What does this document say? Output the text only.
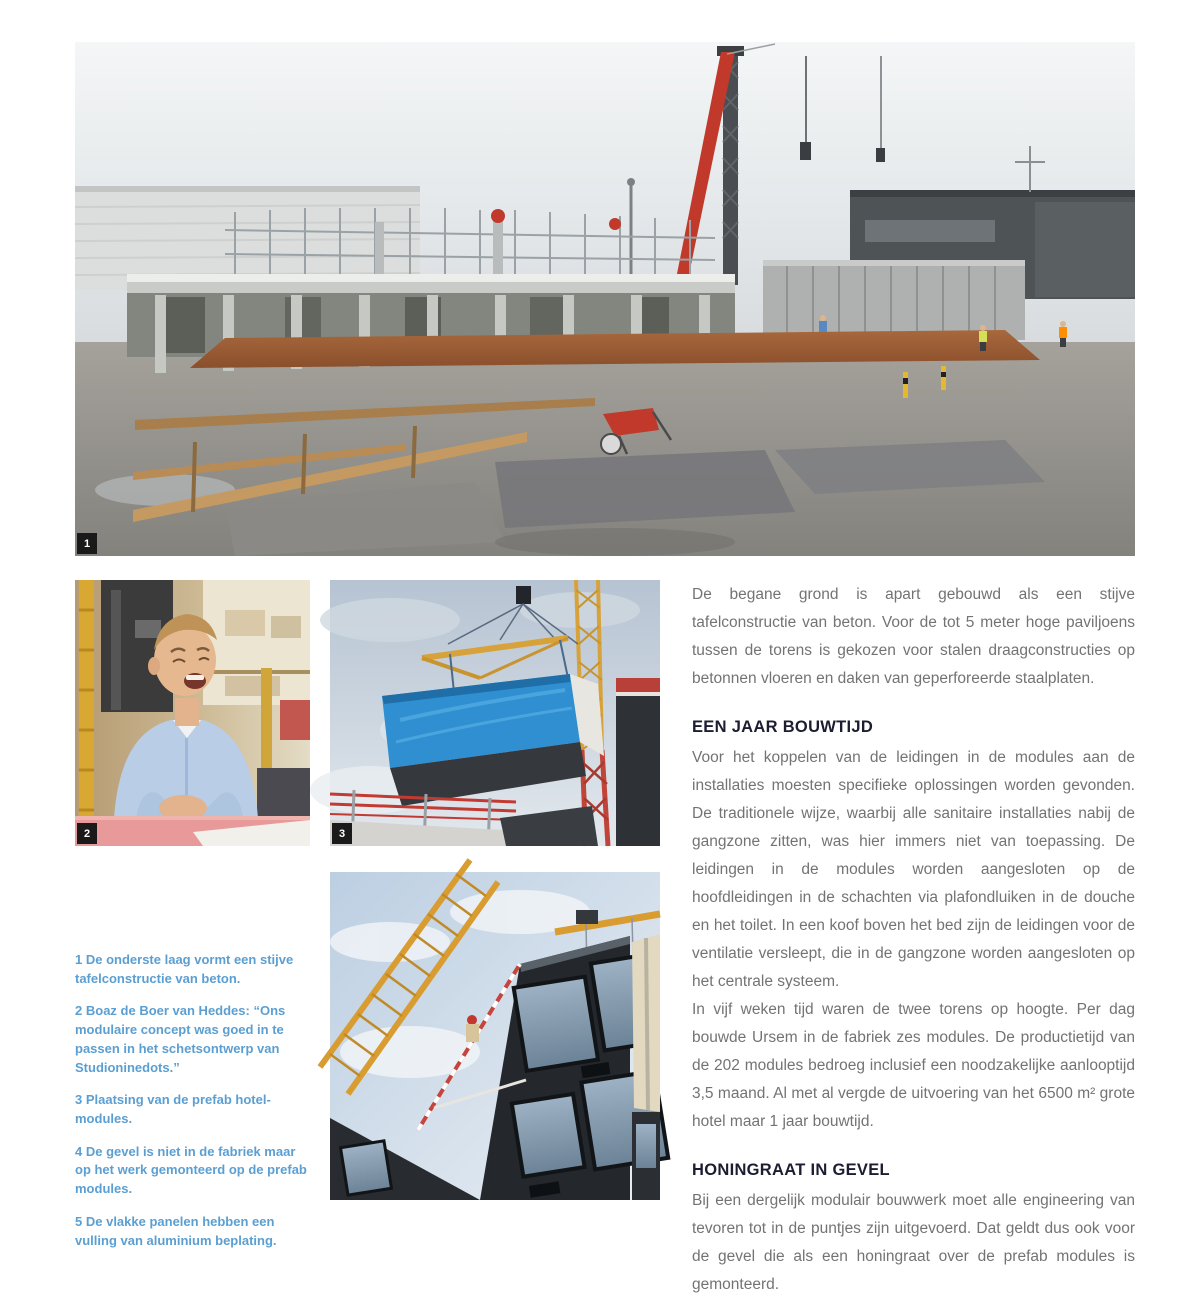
1
2	3

1 De onderste laag vormt een stijve tafelconstructie van beton.

2 Boaz de Boer van Heddes: “Ons modulaire concept was goed in te passen in het schetsontwerp van Studioninedots.”

3 Plaatsing van de prefab hotel-modules.

4 De gevel is niet in de fabriek maar op het werk gemonteerd op de prefab modules.

5 De vlakke panelen hebben een vulling van aluminium beplating.

De begane grond is apart gebouwd als een stijve tafelconstructie van beton. Voor de tot 5 meter hoge paviljoens tussen de torens is gekozen voor stalen draagconstructies op betonnen vloeren en daken van geperforeerde staalplaten.

EEN JAAR BOUWTIJD

Voor het koppelen van de leidingen in de modules aan de installaties moesten specifieke oplossingen worden gevonden. De traditionele wijze, waarbij alle sanitaire installaties nabij de gangzone zitten, was hier immers niet van toepassing. De leidingen in de modules worden aangesloten op de hoofdleidingen in de schachten via plafondluiken in de douche en het toilet. In een koof boven het bed zijn de leidingen voor de ventilatie versleept, die in de gangzone worden aangesloten op het centrale systeem.

In vijf weken tijd waren de twee torens op hoogte. Per dag bouwde Ursem in de fabriek zes modules. De productietijd van de 202 modules bedroeg inclusief een noodzakelijke aanlooptijd 3,5 maand. Al met al vergde de uitvoering van het 6500 m² grote hotel maar 1 jaar bouwtijd.

HONINGRAAT IN GEVEL

Bij een dergelijk modulair bouwwerk moet alle engineering van tevoren tot in de puntjes zijn uitgevoerd. Dat geldt dus ook voor de gevel die als een honingraat over de prefab modules is gemonteerd.
